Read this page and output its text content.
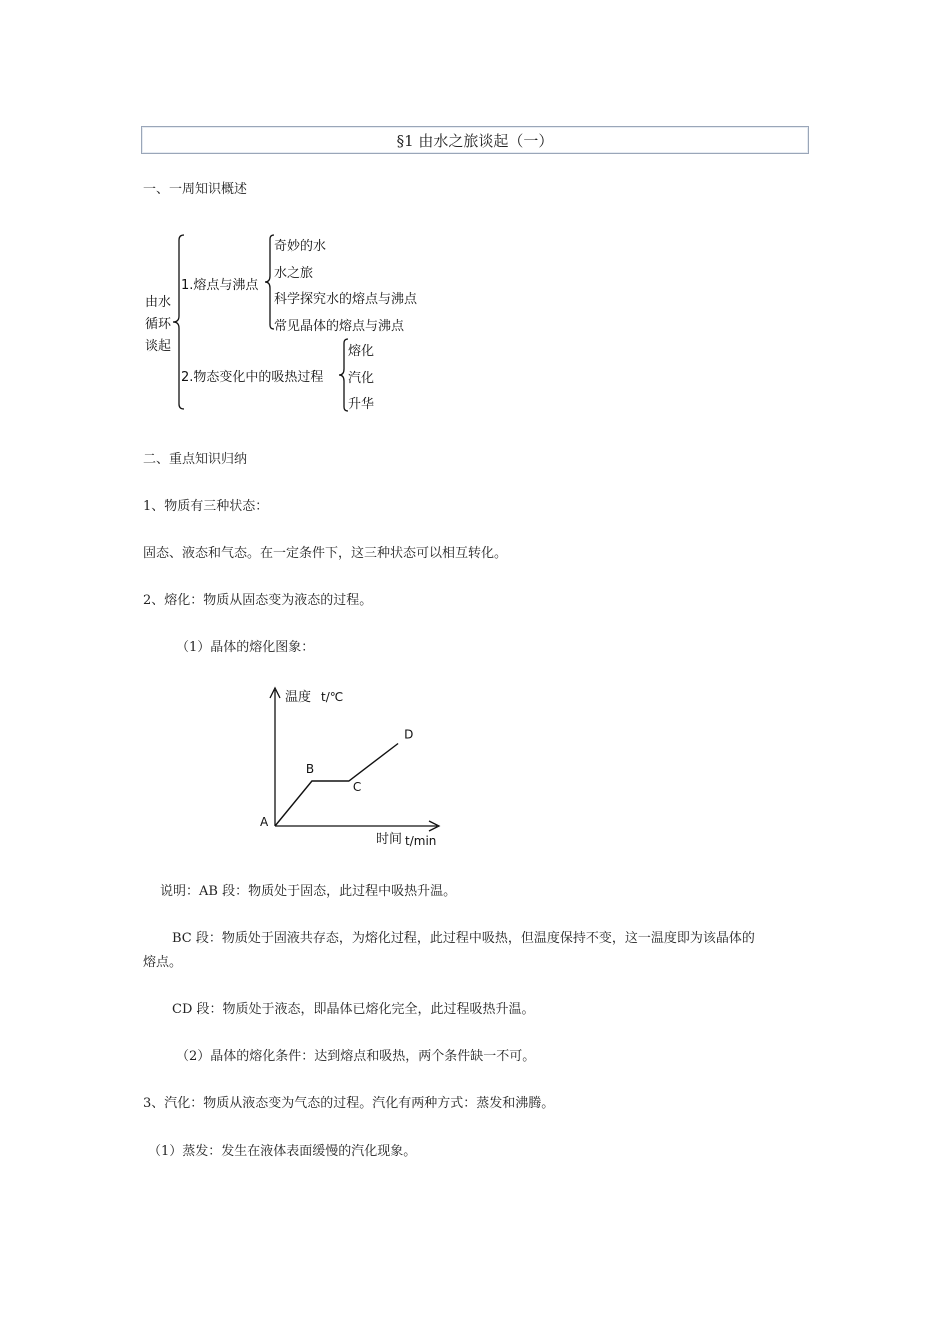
§1 由水之旅谈起（一）
一、一周知识概述
由水
循环
谈起
1.熔点与沸点
奇妙的水
水之旅
科学探究水的熔点与沸点
常见晶体的熔点与沸点
2.物态变化中的吸热过程
熔化
汽化
升华
二、重点知识归纳
1、物质有三种状态：
固态、液态和气态。在一定条件下，这三种状态可以相互转化。
2、熔化：物质从固态变为液态的过程。
（1）晶体的熔化图象：
温度 t/℃
时间 t/min
A
B
C
D
说明：AB 段：物质处于固态，此过程中吸热升温。
BC 段：物质处于固液共存态，为熔化过程，此过程中吸热，但温度保持不变，这一温度即为该晶体的
熔点。
CD 段：物质处于液态，即晶体已熔化完全，此过程吸热升温。
（2）晶体的熔化条件：达到熔点和吸热，两个条件缺一不可。
3、汽化：物质从液态变为气态的过程。汽化有两种方式：蒸发和沸腾。
（1）蒸发：发生在液体表面缓慢的汽化现象。
